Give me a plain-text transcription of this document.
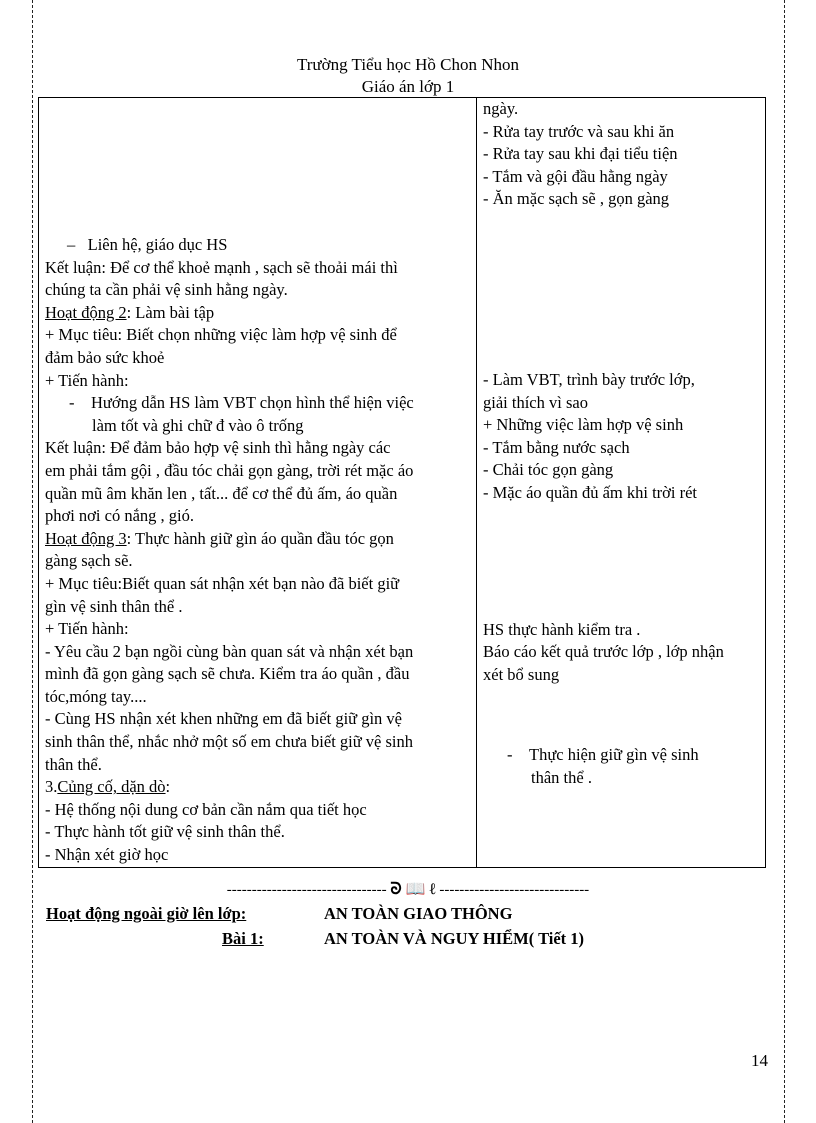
Trường Tiểu học Hồ Chon Nhon
Giáo án lớp 1
–   Liên hệ, giáo dục HS
Kết luận: Để cơ thể khoẻ mạnh , sạch sẽ thoải mái thì
chúng ta cần phải vệ sinh hằng ngày.
Hoạt động 2: Làm bài tập
+ Mục tiêu: Biết chọn những việc làm hợp vệ sinh để
đảm bảo sức khoẻ
+ Tiến hành:
-    Hướng dẫn HS làm VBT chọn hình thể hiện việc
làm tốt và ghi chữ đ vào ô trống
Kết luận: Để đảm bảo hợp vệ sinh thì hằng ngày các
em phải tắm gội , đầu tóc chải gọn gàng, trời rét mặc áo
quần mũ âm khăn len , tất... để cơ thể đủ ấm, áo quần
phơi nơi có nắng , gió.
Hoạt động 3: Thực hành giữ gìn áo quần đầu tóc gọn
gàng sạch sẽ.
+ Mục tiêu:Biết quan sát nhận xét bạn nào đã biết giữ
gìn vệ sinh thân thể .
+ Tiến hành:
- Yêu cầu 2 bạn ngồi cùng bàn quan sát và nhận xét bạn
mình đã gọn gàng sạch sẽ chưa. Kiểm tra áo quần , đầu
tóc,móng tay....
- Cùng HS nhận xét khen những em đã biết giữ gìn vệ
sinh thân thể, nhắc nhở một số em chưa biết giữ vệ sinh
thân thể.
3.Củng cố, dặn dò:
- Hệ thống nội dung cơ bản cần nắm qua tiết học
- Thực hành tốt giữ vệ sinh thân thể.
- Nhận xét giờ học

ngày.
- Rửa tay trước và sau khi ăn
- Rửa tay sau khi đại tiểu tiện
- Tắm và gội đầu hằng ngày
- Ăn mặc sạch sẽ , gọn gàng
- Làm VBT, trình bày trước lớp,
giải thích vì sao
+ Những việc làm hợp vệ sinh
- Tắm bằng nước sạch
- Chải tóc gọn gàng
- Mặc áo quần đủ ấm khi trời rét
HS thực hành kiểm tra .
Báo cáo kết quả trước lớp , lớp nhận
xét bổ sung
-    Thực hiện giữ gìn vệ sinh
thân thể .
-------------------------------- ᘐ 📖 ℓ ------------------------------
Hoạt động ngoài giờ lên lớp:	AN TOÀN GIAO THÔNG
Bài 1:	AN TOÀN VÀ NGUY HIỂM( Tiết 1)
14
